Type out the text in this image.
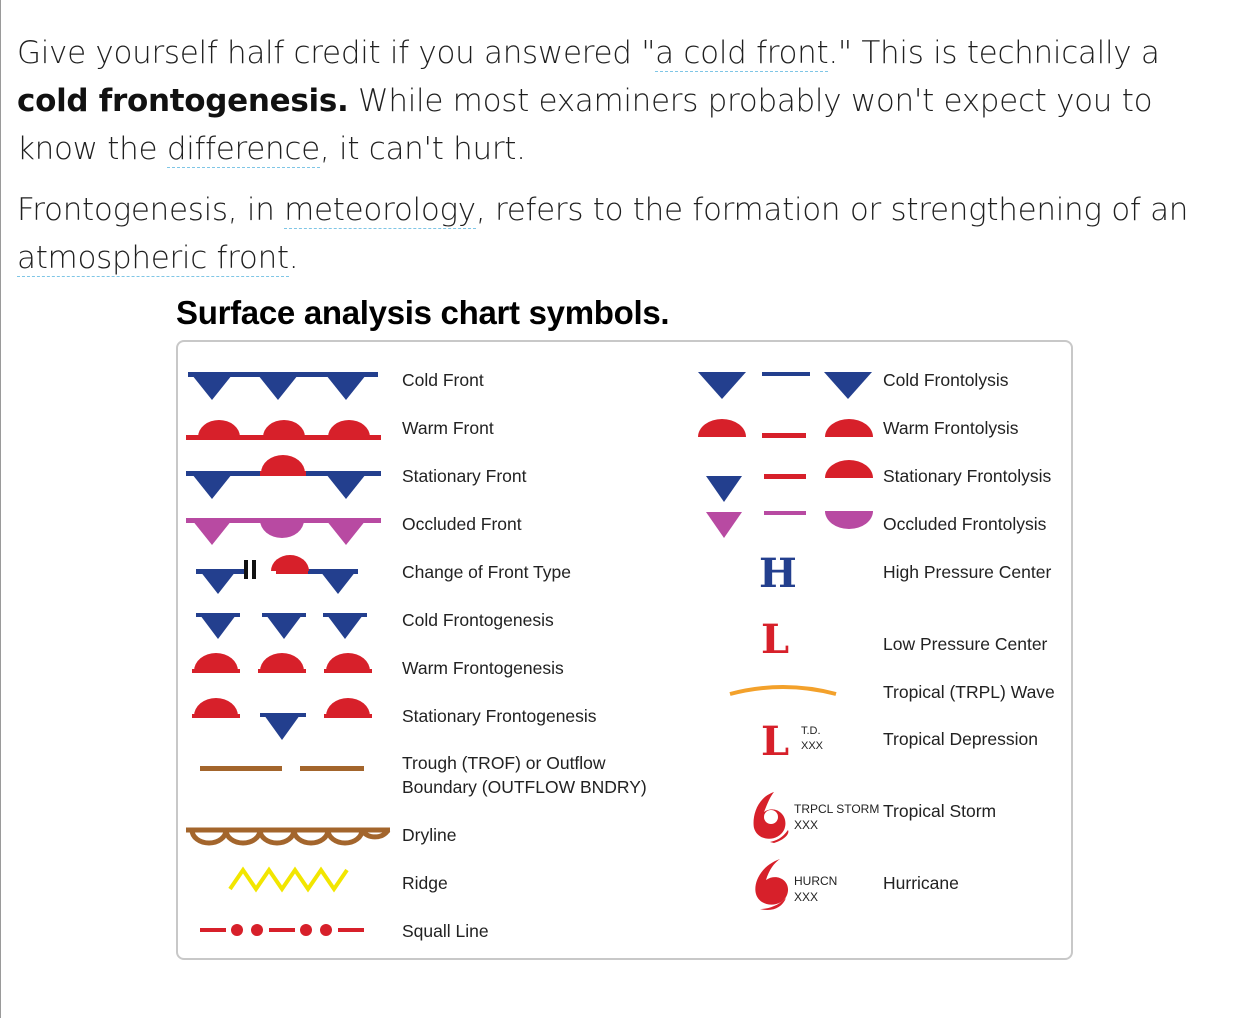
Give yourself half credit if you answered "a cold front." This is technically a cold frontogenesis. While most examiners probably won't expect you to know the difference, it can't hurt.

Frontogenesis, in meteorology, refers to the formation or strengthening of an atmospheric front.

Surface analysis chart symbols.
Cold Front
Warm Front
Stationary Front
Occluded Front
Change of Front Type
Cold Frontogenesis
Warm Frontogenesis
Stationary Frontogenesis
Trough (TROF) or Outflow
Boundary (OUTFLOW BNDRY)
Dryline
Ridge
Squall Line
Cold Frontolysis
Warm Frontolysis
Stationary Frontolysis
Occluded Frontolysis
High Pressure Center
Low Pressure Center
Tropical (TRPL) Wave
Tropical Depression
Tropical Storm
Hurricane
H
L
L T.D.
XXX
TRPCL STORM
XXX
HURCN
XXX
